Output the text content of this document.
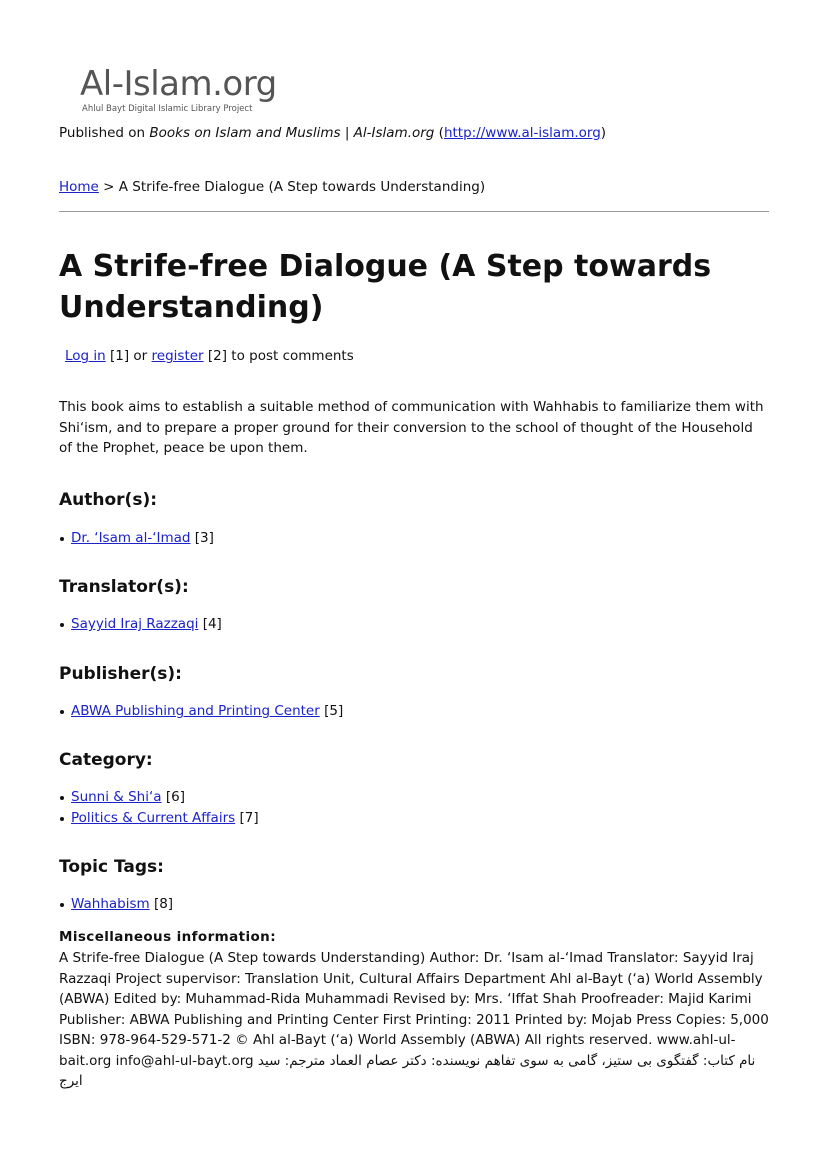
Al-Islam.org
Ahlul Bayt Digital Islamic Library Project
Published on Books on Islam and Muslims | Al-Islam.org (http://www.al-islam.org)
Home > A Strife-free Dialogue (A Step towards Understanding)
A Strife-free Dialogue (A Step towards Understanding)
Log in [1] or register [2] to post comments

This book aims to establish a suitable method of communication with Wahhabis to familiarize them with Shi‘ism, and to prepare a proper ground for their conversion to the school of thought of the Household of the Prophet, peace be upon them.

Author(s):
Dr. ‘Isam al-‘Imad [3]
Translator(s):
Sayyid Iraj Razzaqi [4]
Publisher(s):
ABWA Publishing and Printing Center [5]
Category:
Sunni & Shi‘a [6]
Politics & Current Affairs [7]
Topic Tags:
Wahhabism [8]
Miscellaneous information:

A Strife-free Dialogue (A Step towards Understanding) Author: Dr. ‘Isam al-‘Imad Translator: Sayyid Iraj Razzaqi Project supervisor: Translation Unit, Cultural Affairs Department Ahl al-Bayt (‘a) World Assembly (ABWA) Edited by: Muhammad-Rida Muhammadi Revised by: Mrs. ‘Iffat Shah Proofreader: Majid Karimi Publisher: ABWA Publishing and Printing Center First Printing: 2011 Printed by: Mojab Press Copies: 5,000 ISBN: 978-964-529-571-2 © Ahl al-Bayt (‘a) World Assembly (ABWA) All rights reserved. www.ahl-ul-bait.org info@ahl-ul-bayt.org نام کتاب: گفتگوی بی ستیز، گامی به سوی تفاهم نویسنده: دکتر عصام العماد مترجم: سید ایرج
